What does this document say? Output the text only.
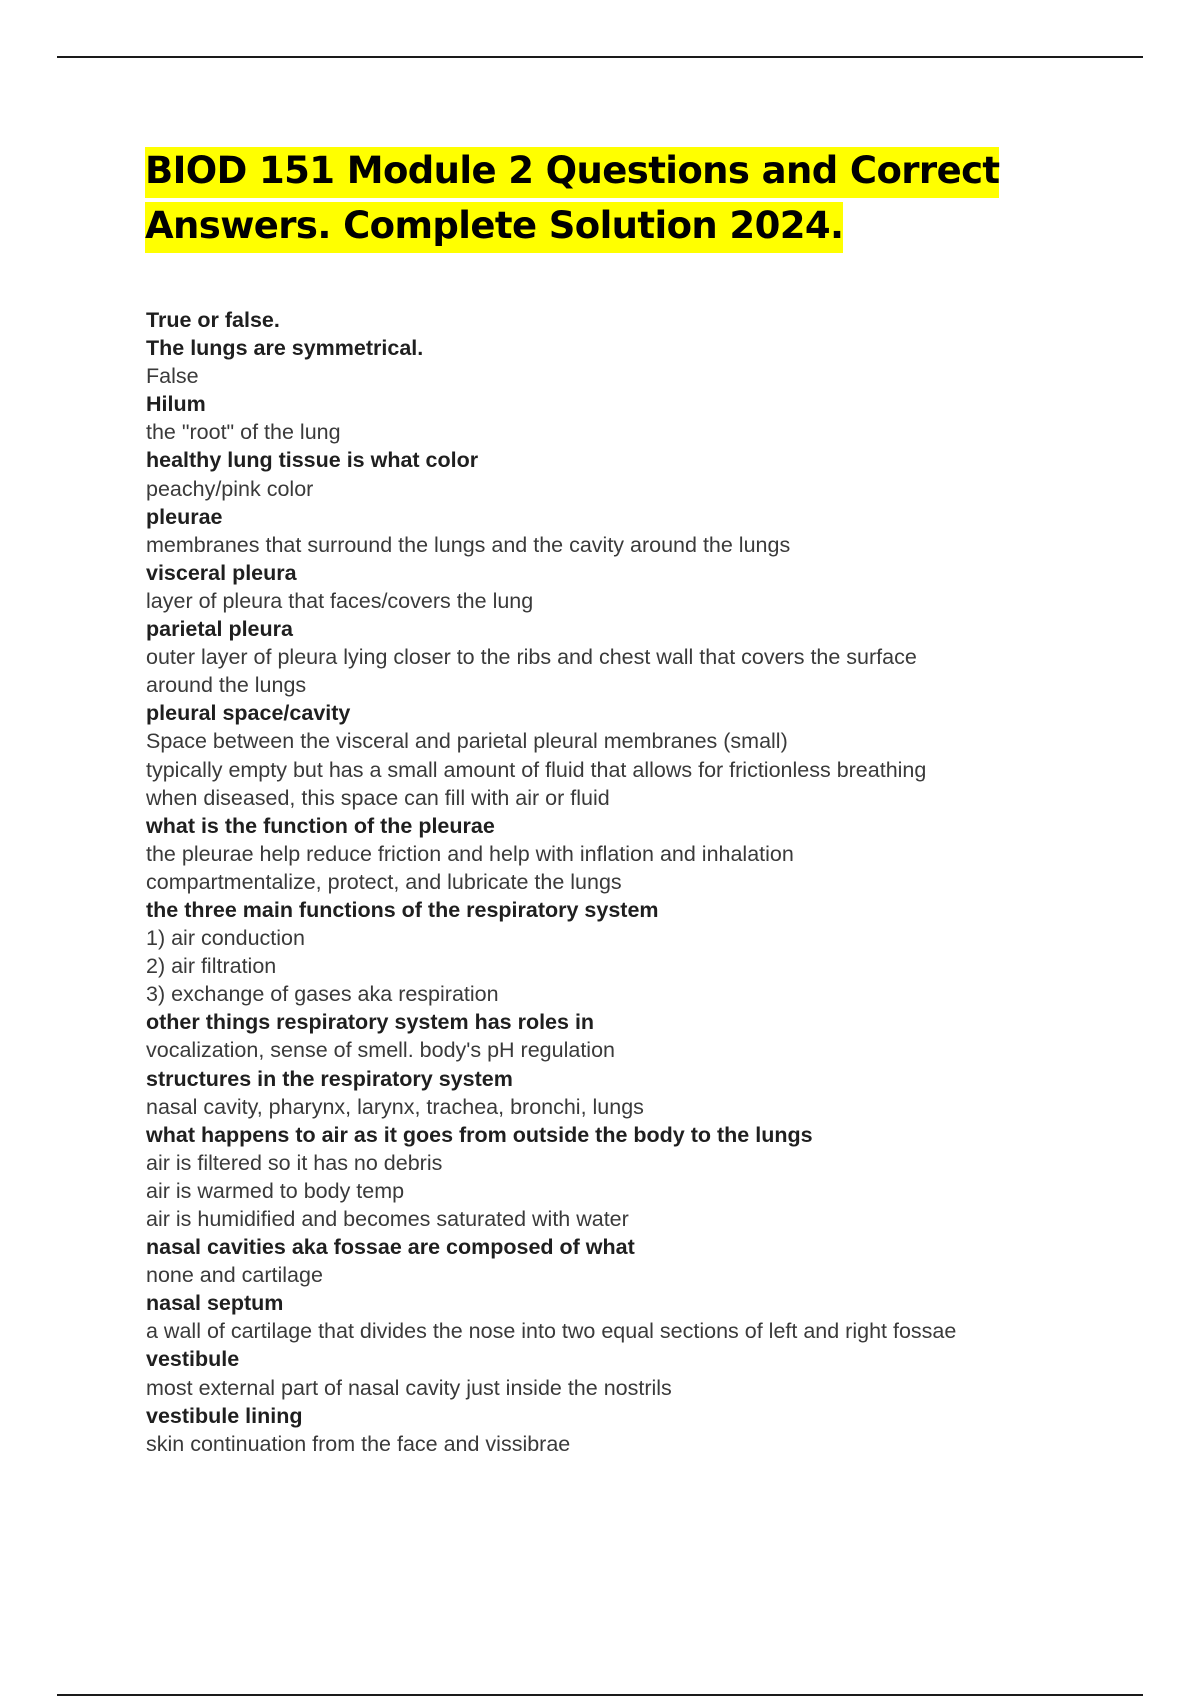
BIOD 151 Module 2 Questions and Correct Answers. Complete Solution 2024.

True or false.

The lungs are symmetrical.

False

Hilum

the "root" of the lung

healthy lung tissue is what color

peachy/pink color

pleurae

membranes that surround the lungs and the cavity around the lungs

visceral pleura

layer of pleura that faces/covers the lung

parietal pleura

outer layer of pleura lying closer to the ribs and chest wall that covers the surface

around the lungs

pleural space/cavity

Space between the visceral and parietal pleural membranes (small)

typically empty but has a small amount of fluid that allows for frictionless breathing

when diseased, this space can fill with air or fluid

what is the function of the pleurae

the pleurae help reduce friction and help with inflation and inhalation

compartmentalize, protect, and lubricate the lungs

the three main functions of the respiratory system

1) air conduction

2) air filtration

3) exchange of gases aka respiration

other things respiratory system has roles in

vocalization, sense of smell. body's pH regulation

structures in the respiratory system

nasal cavity, pharynx, larynx, trachea, bronchi, lungs

what happens to air as it goes from outside the body to the lungs

air is filtered so it has no debris

air is warmed to body temp

air is humidified and becomes saturated with water

nasal cavities aka fossae are composed of what

none and cartilage

nasal septum

a wall of cartilage that divides the nose into two equal sections of left and right fossae

vestibule

most external part of nasal cavity just inside the nostrils

vestibule lining

skin continuation from the face and vissibrae
